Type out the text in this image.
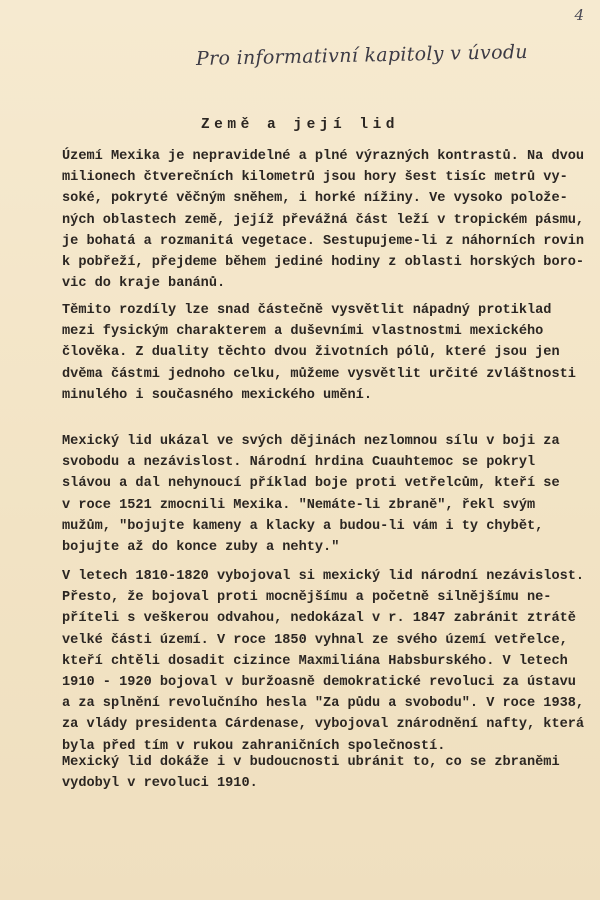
4
Pro informativní kapitoly v úvodu
Země a její lid
Území Mexika je nepravidelné a plné výrazných kontrastů. Na dvou
milionech čtverečních kilometrů jsou hory šest tisíc metrů vy-
soké, pokryté věčným sněhem, i horké nížiny. Ve vysoko polože-
ných oblastech země, jejíž převážná část leží v tropickém pásmu,
je bohatá a rozmanitá vegetace. Sestupujeme-li z náhorních rovin
k pobřeží, přejdeme během jediné hodiny z oblasti horských boro-
vic do kraje banánů.
Těmito rozdíly lze snad částečně vysvětlit nápadný protiklad
mezi fysickým charakterem a duševními vlastnostmi mexického
člověka. Z duality těchto dvou životních pólů, které jsou jen
dvěma částmi jednoho celku, můžeme vysvětlit určité zvláštnosti
minulého i současného mexického umění.
Mexický lid ukázal ve svých dějinách nezlomnou sílu v boji za
svobodu a nezávislost. Národní hrdina Cuauhtemoc se pokryl
slávou a dal nehynoucí příklad boje proti vetřelcům, kteří se
v roce 1521 zmocnili Mexika. "Nemáte-li zbraně", řekl svým
mužům, "bojujte kameny a klacky a budou-li vám i ty chybět,
bojujte až do konce zuby a nehty."
V letech 1810-1820 vybojoval si mexický lid národní nezávislost.
Přesto, že bojoval proti mocnějšímu a početně silnějšímu ne-
příteli s veškerou odvahou, nedokázal v r. 1847 zabránit ztrátě
velké části území. V roce 1850 vyhnal ze svého území vetřelce,
kteří chtěli dosadit cizince Maxmiliána Habsburského. V letech
1910 - 1920 bojoval v buržoasně demokratické revoluci za ústavu
a za splnění revolučního hesla "Za půdu a svobodu". V roce 1938,
za vlády presidenta Cárdenase, vybojoval znárodnění nafty, která
byla před tím v rukou zahraničních společností.
Mexický lid dokáže i v budoucnosti ubránit to, co se zbraněmi
vydobyl v revoluci 1910.
